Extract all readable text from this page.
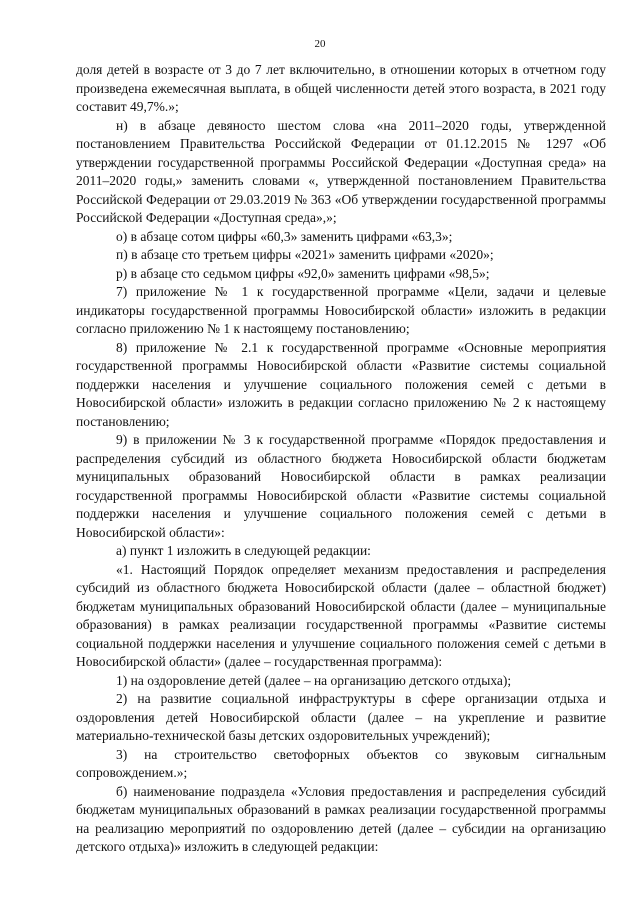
20

доля детей в возрасте от 3 до 7 лет включительно, в отношении которых в отчетном году произведена ежемесячная выплата, в общей численности детей этого возраста, в 2021 году составит 49,7%.»;

н) в абзаце девяносто шестом слова «на 2011–2020 годы, утвержденной постановлением Правительства Российской Федерации от 01.12.2015 № 1297 «Об утверждении государственной программы Российской Федерации «Доступная среда» на 2011–2020 годы,» заменить словами «, утвержденной постановлением Правительства Российской Федерации от 29.03.2019 № 363 «Об утверждении государственной программы Российской Федерации «Доступная среда»,»;

о) в абзаце сотом цифры «60,3» заменить цифрами «63,3»;

п) в абзаце сто третьем цифры «2021» заменить цифрами «2020»;

р) в абзаце сто седьмом цифры «92,0» заменить цифрами «98,5»;

7) приложение № 1 к государственной программе «Цели, задачи и целевые индикаторы государственной программы Новосибирской области» изложить в редакции согласно приложению № 1 к настоящему постановлению;

8) приложение № 2.1 к государственной программе «Основные мероприятия государственной программы Новосибирской области «Развитие системы социальной поддержки населения и улучшение социального положения семей с детьми в Новосибирской области» изложить в редакции согласно приложению № 2 к настоящему постановлению;

9) в приложении № 3 к государственной программе «Порядок предоставления и распределения субсидий из областного бюджета Новосибирской области бюджетам муниципальных образований Новосибирской области в рамках реализации государственной программы Новосибирской области «Развитие системы социальной поддержки населения и улучшение социального положения семей с детьми в Новосибирской области»:

а) пункт 1 изложить в следующей редакции:

«1. Настоящий Порядок определяет механизм предоставления и распределения субсидий из областного бюджета Новосибирской области (далее – областной бюджет) бюджетам муниципальных образований Новосибирской области (далее – муниципальные образования) в рамках реализации государственной программы «Развитие системы социальной поддержки населения и улучшение социального положения семей с детьми в Новосибирской области» (далее – государственная программа):

1) на оздоровление детей (далее – на организацию детского отдыха);

2) на развитие социальной инфраструктуры в сфере организации отдыха и оздоровления детей Новосибирской области (далее – на укрепление и развитие материально-технической базы детских оздоровительных учреждений);

3) на строительство светофорных объектов со звуковым сигнальным сопровождением.»;

б) наименование подраздела «Условия предоставления и распределения субсидий бюджетам муниципальных образований в рамках реализации государственной программы на реализацию мероприятий по оздоровлению детей (далее – субсидии на организацию детского отдыха)» изложить в следующей редакции:
